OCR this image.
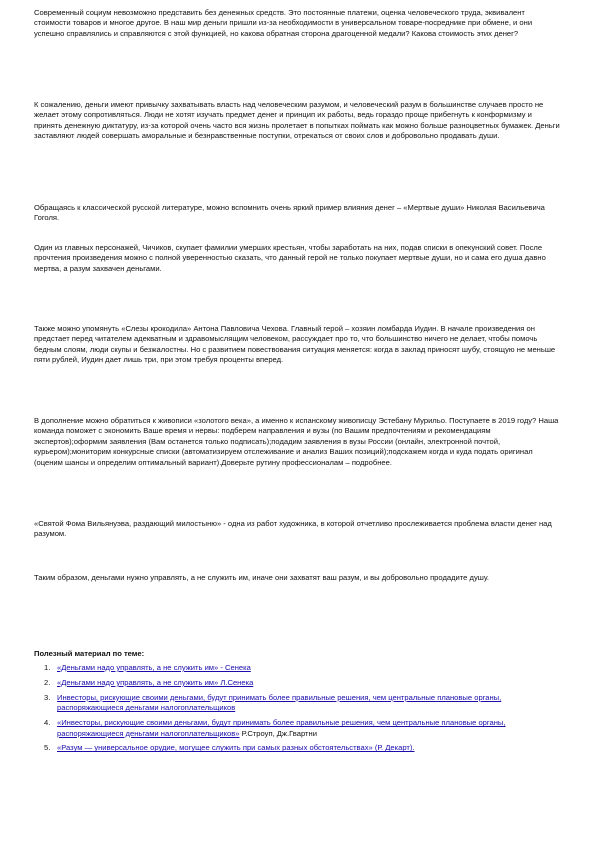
Современный социум невозможно представить без денежных средств. Это постоянные платежи, оценка человеческого труда, эквивалент стоимости товаров и многое другое. В наш мир деньги пришли из-за необходимости в универсальном товаре-посреднике при обмене, и они успешно справлялись и справляются с этой функцией, но какова обратная сторона драгоценной медали? Какова стоимость этих денег?

К сожалению, деньги имеют привычку захватывать власть над человеческим разумом, и человеческий разум в большинстве случаев просто не желает этому сопротивляться. Люди не хотят изучать предмет денег и принцип их работы, ведь гораздо проще прибегнуть к конформизму и принять денежную диктатуру, из-за которой очень часто вся жизнь пролетает в попытках поймать как можно больше разноцветных бумажек. Деньги заставляют людей совершать аморальные и безнравственные поступки, отрекаться от своих слов и добровольно продавать души.

Обращаясь к классической русской литературе, можно вспомнить очень яркий пример влияния денег – «Мертвые души» Николая Васильевича Гоголя.

Один из главных персонажей, Чичиков, скупает фамилии умерших крестьян, чтобы заработать на них, подав списки в опекунский совет. После прочтения произведения можно с полной уверенностью сказать, что данный герой не только покупает мертвые души, но и сама его душа давно мертва, а разум захвачен деньгами.

Также можно упомянуть «Слезы крокодила» Антона Павловича Чехова. Главный герой – хозяин ломбарда Иудин. В начале произведения он предстает перед читателем адекватным и здравомыслящим человеком, рассуждает про то, что большинство ничего не делает, чтобы помочь бедным слоям, люди скупы и безжалостны. Но с развитием повествования ситуация меняется: когда в заклад приносят шубу, стоящую не меньше пяти рублей, Иудин дает лишь три, при этом требуя проценты вперед.

В дополнение можно обратиться к живописи «золотого века», а именно к испанскому живописцу Эстебану Мурильо. Поступаете в 2019 году? Наша команда поможет с экономить Ваше время и нервы: подберем направления и вузы (по Вашим предпочтениям и рекомендациям экспертов);оформим заявления (Вам останется только подписать);подадим заявления в вузы России (онлайн, электронной почтой, курьером);мониторим конкурсные списки (автоматизируем отслеживание и анализ Ваших позиций);подскажем когда и куда подать оригинал (оценим шансы и определим оптимальный вариант).Доверьте рутину профессионалам – подробнее.

«Святой Фома Вильянуэва, раздающий милостыню» - одна из работ художника, в которой отчетливо прослеживается проблема власти денег над разумом.

Таким образом, деньгами нужно управлять, а не служить им, иначе они захватят ваш разум, и вы добровольно продадите душу.

Полезный материал по теме:

1. «Деньгами надо управлять, а не служить им» - Сенека
2. «Деньгами надо управлять, а не служить им» Л.Сенека
3. Инвесторы, рискующие своими деньгами, будут принимать более правильные решения, чем центральные плановые органы, распоряжающиеся деньгами налогоплательщиков
4. «Инвесторы, рискующие своими деньгами, будут принимать более правильные решения, чем центральные плановые органы, распоряжающиеся деньгами налогоплательщиков» Р.Строуп, Дж.Гвартни
5. «Разум — универсальное орудие, могущее служить при самых разных обстоятельствах» (Р. Декарт).
